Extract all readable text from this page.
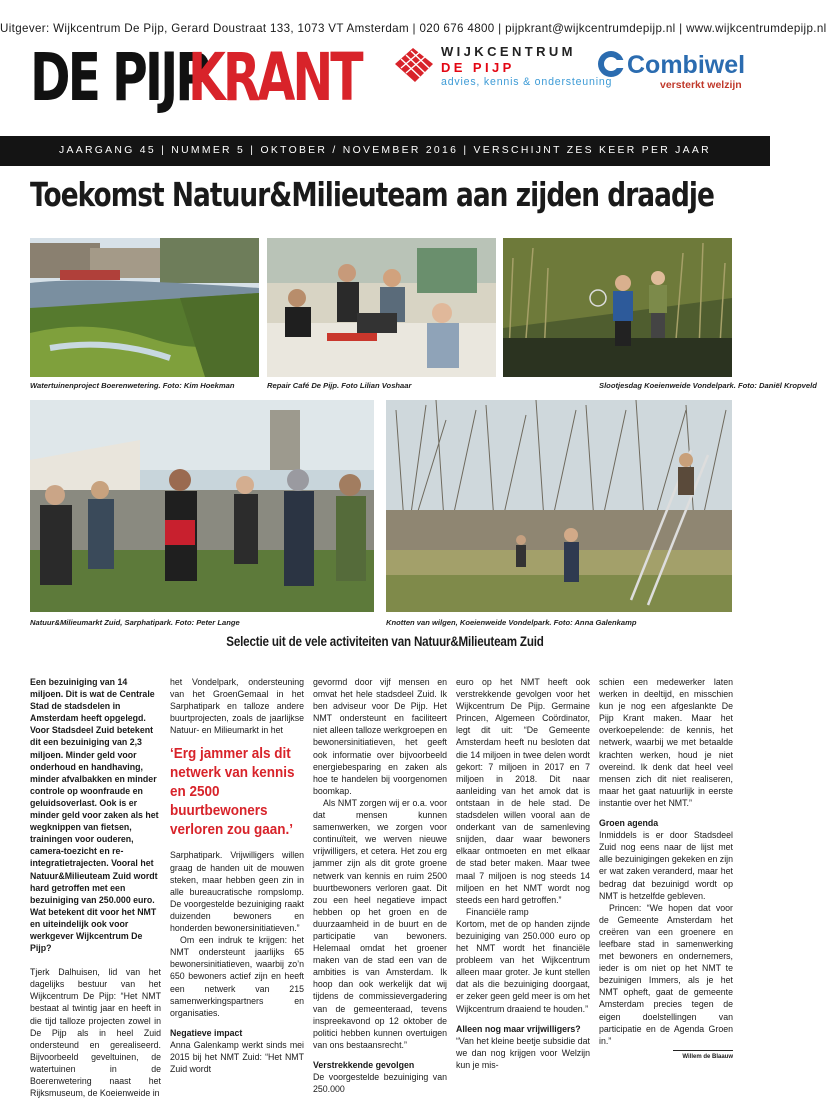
Uitgever: Wijkcentrum De Pijp, Gerard Doustraat 133, 1073 VT Amsterdam | 020 676 4800 | pijpkrant@wijkcentrumdepijp.nl | www.wijkcentrumdepijp.nl
DE PIJP
KRANT	WIJKCENTRUM
DE PIJP
advies, kennis & ondersteuning
Combiwel
versterkt welzijn
JAARGANG 45 | NUMMER 5 | OKTOBER / NOVEMBER 2016 | VERSCHIJNT ZES KEER PER JAAR
Toekomst Natuur&Milieuteam aan zijden draadje
Watertuinenproject Boerenwetering. Foto: Kim Hoekman	Repair Café De Pijp. Foto Lilian Voshaar	Slootjesdag Koeienweide Vondelpark. Foto: Daniël Kropveld
Natuur&Milieumarkt Zuid, Sarphatipark. Foto: Peter Lange	Knotten van wilgen, Koeienweide Vondelpark. Foto: Anna Galenkamp
Selectie uit de vele activiteiten van Natuur&Milieuteam Zuid

Een bezuiniging van 14 miljoen. Dit is wat de Centrale Stad de stadsdelen in Amsterdam heeft opgelegd. Voor Stadsdeel Zuid betekent dit een bezuiniging van 2,3 miljoen. Minder geld voor onderhoud en handhaving, minder afvalbakken en minder controle op woonfraude en geluidsoverlast. Ook is er minder geld voor zaken als het wegknippen van fietsen, trainingen voor ouderen, camera-toezicht en re-integratietrajecten. Vooral het Natuur&Milieuteam Zuid wordt hard getroffen met een bezuiniging van 250.000 euro. Wat betekent dit voor het NMT en uiteindelijk ook voor werkgever Wijkcentrum De Pijp?

Tjerk Dalhuisen, lid van het dagelijks bestuur van het Wijkcentrum De Pijp: “Het NMT bestaat al twintig jaar en heeft in die tijd talloze projecten zowel in De Pijp als in heel Zuid ondersteund en gerealiseerd. Bijvoorbeeld geveltuinen, de watertuinen in de Boerenwetering naast het Rijksmuseum, de Koeienweide in

het Vondelpark, ondersteuning van het GroenGemaal in het Sarphatipark en talloze andere buurtprojecten, zoals de jaarlijkse Natuur- en Milieumarkt in het

‘Erg jammer als dit netwerk van kennis en 2500 buurtbewoners verloren zou gaan.’

Sarphatipark. Vrijwilligers willen graag de handen uit de mouwen steken, maar hebben geen zin in alle bureaucratische rompslomp. De voorgestelde bezuiniging raakt duizenden bewoners en honderden bewonersinitiatieven.”

Om een indruk te krijgen: het NMT ondersteunt jaarlijks 65 bewonersinitiatieven, waarbij zo’n 650 bewoners actief zijn en heeft een netwerk van 215 samenwerkingspartners en organisaties.

Negatieve impact

Anna Galenkamp werkt sinds mei 2015 bij het NMT Zuid: “Het NMT Zuid wordt

gevormd door vijf mensen en omvat het hele stadsdeel Zuid. Ik ben adviseur voor De Pijp. Het NMT ondersteunt en faciliteert niet alleen talloze werkgroepen en bewonersinitiatieven, het geeft ook informatie over bijvoorbeeld energiebesparing en zaken als hoe te handelen bij voorgenomen boomkap.

Als NMT zorgen wij er o.a. voor dat mensen kunnen samenwerken, we zorgen voor continuïteit, we werven nieuwe vrijwilligers, et cetera. Het zou erg jammer zijn als dit grote groene netwerk van kennis en ruim 2500 buurtbewoners verloren gaat. Dit zou een heel negatieve impact hebben op het groen en de duurzaamheid in de buurt en de participatie van bewoners. Helemaal omdat het groener maken van de stad een van de ambities is van Amsterdam. Ik hoop dan ook werkelijk dat wij tijdens de commissievergadering van de gemeenteraad, tevens inspreekavond op 12 oktober de politici hebben kunnen overtuigen van ons bestaansrecht.”

Verstrekkende gevolgen

De voorgestelde bezuiniging van 250.000

euro op het NMT heeft ook verstrekkende gevolgen voor het Wijkcentrum De Pijp. Germaine Princen, Algemeen Coördinator, legt dit uit: “De Gemeente Amsterdam heeft nu besloten dat die 14 miljoen in twee delen wordt gekort: 7 miljoen in 2017 en 7 miljoen in 2018. Dit naar aanleiding van het amok dat is ontstaan in de hele stad. De stadsdelen willen vooral aan de onderkant van de samenleving snijden, daar waar bewoners elkaar ontmoeten en met elkaar de stad beter maken. Maar twee maal 7 miljoen is nog steeds 14 miljoen en het NMT wordt nog steeds een hard getroffen.”

Financiële ramp

Kortom, met de op handen zijnde bezuiniging van 250.000 euro op het NMT wordt het financiële probleem van het Wijkcentrum alleen maar groter. Je kunt stellen dat als die bezuiniging doorgaat, er zeker geen geld meer is om het Wijkcentrum draaiend te houden.”

Alleen nog maar vrijwilligers?

“Van het kleine beetje subsidie dat we dan nog krijgen voor Welzijn kun je mis-

schien een medewerker laten werken in deeltijd, en misschien kun je nog een afgeslankte De Pijp Krant maken. Maar het overkoepelende: de kennis, het netwerk, waarbij we met betaalde krachten werken, houd je niet overeind. Ik denk dat heel veel mensen zich dit niet realiseren, maar het gaat natuurlijk in eerste instantie over het NMT.”

Groen agenda

Inmiddels is er door Stadsdeel Zuid nog eens naar de lijst met alle bezuinigingen gekeken en zijn er wat zaken veranderd, maar het bedrag dat bezuinigd wordt op NMT is hetzelfde gebleven.

Princen: “We hopen dat voor de Gemeente Amsterdam het creëren van een groenere en leefbare stad in samenwerking met bewoners en ondernemers, ieder is om niet op het NMT te bezuinigen Immers, als je het NMT opheft, gaat de gemeente Amsterdam precies tegen de eigen doelstellingen van participatie en de Agenda Groen in.”

Willem de Blaauw
